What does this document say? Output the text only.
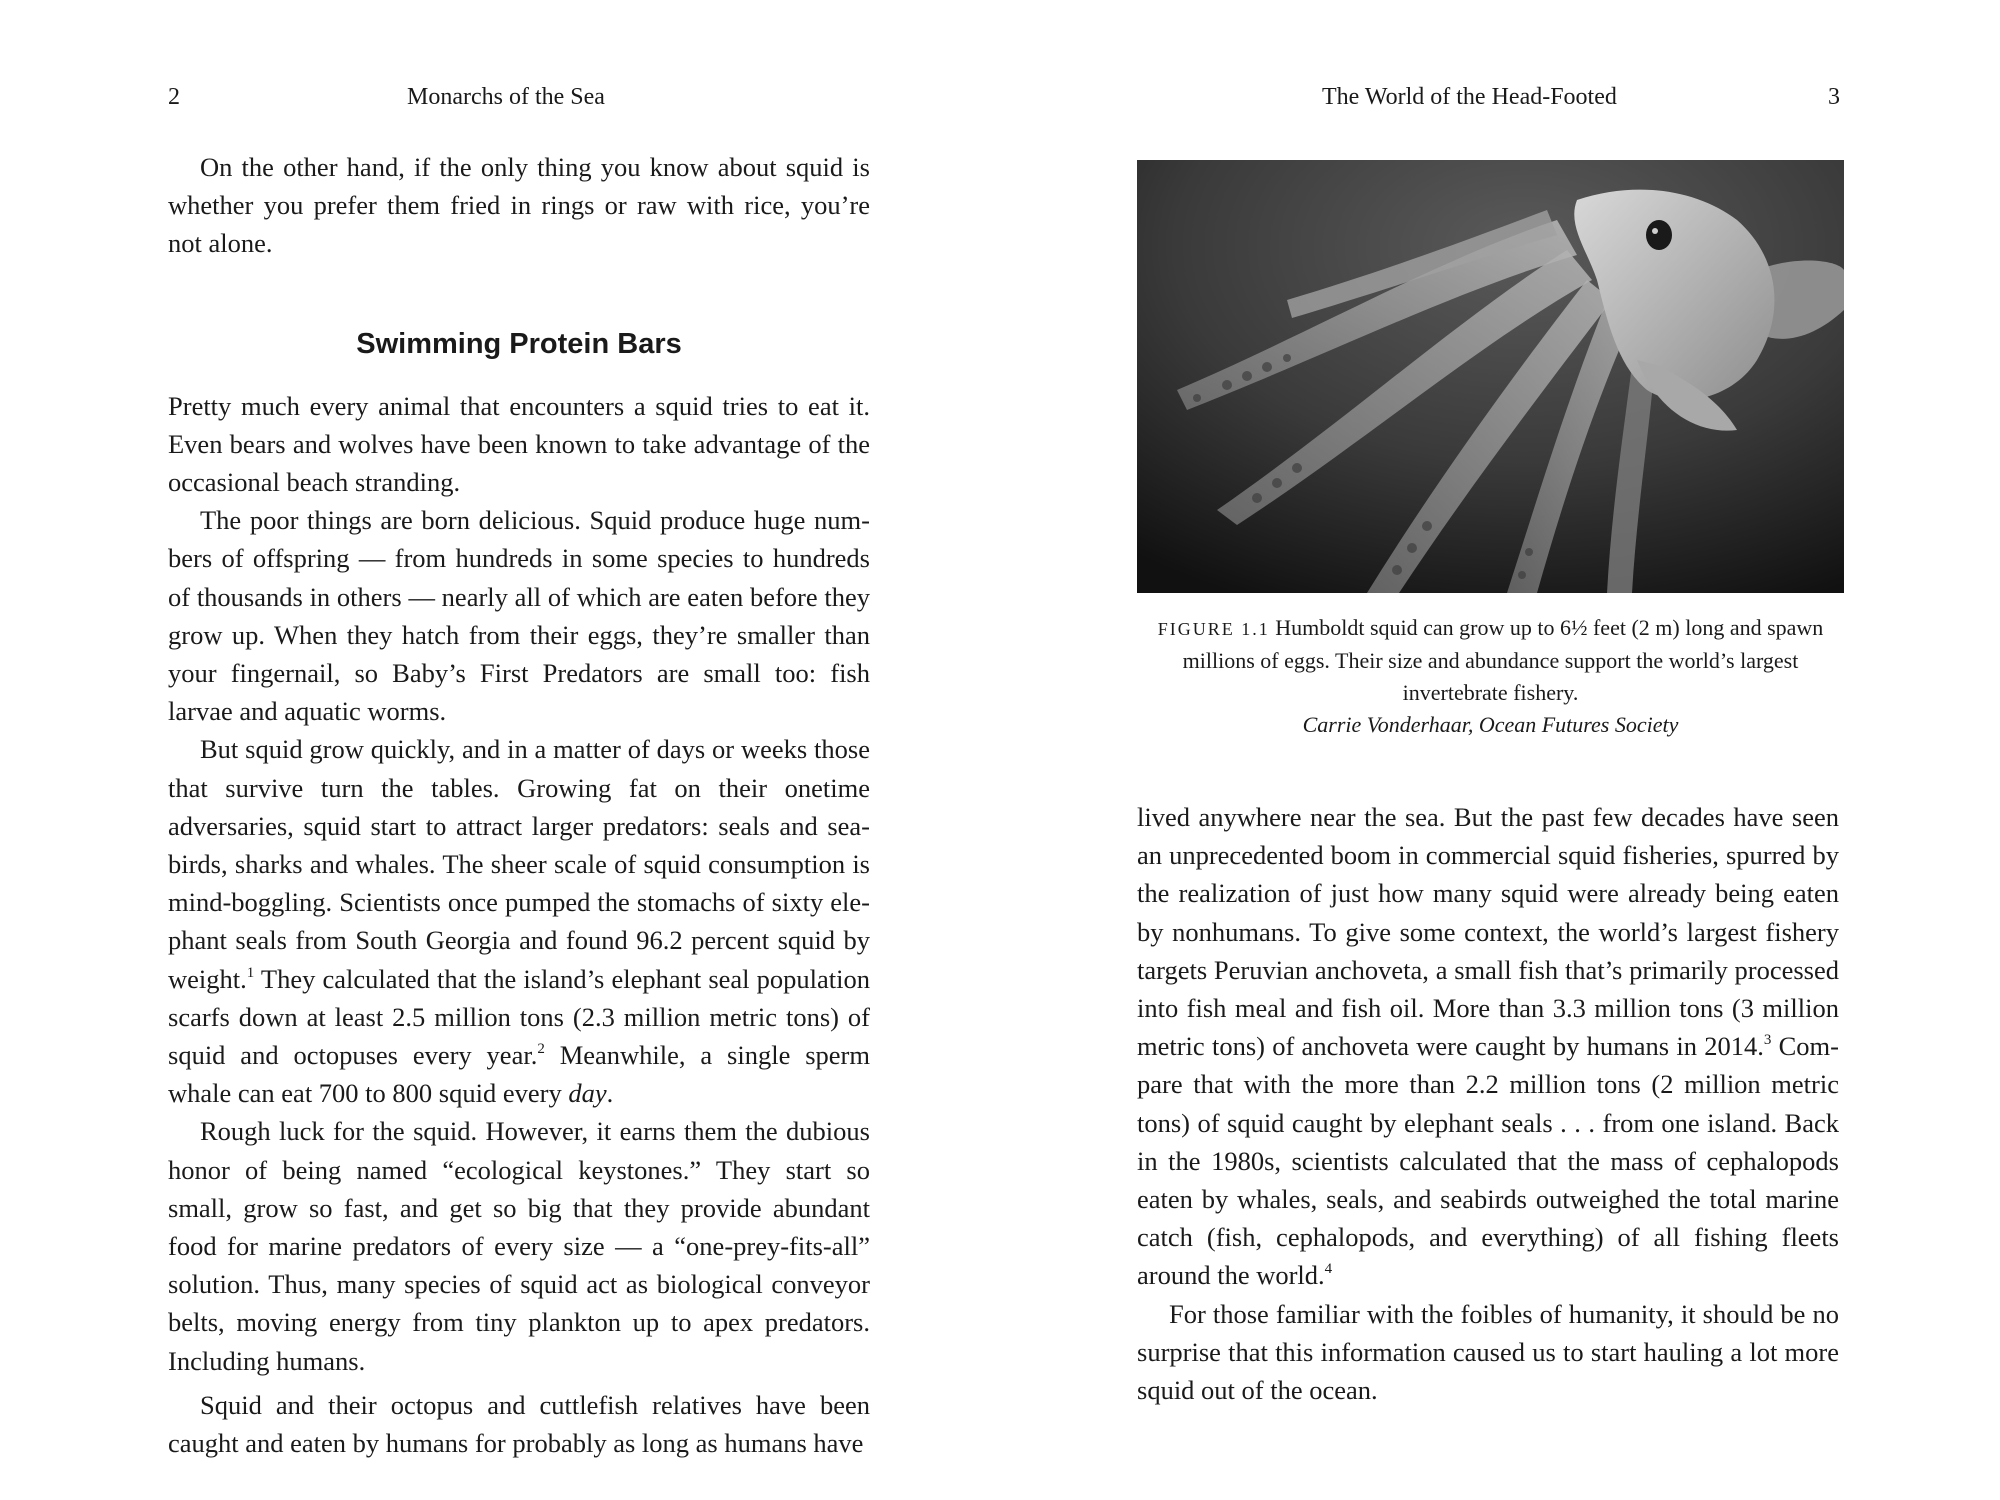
2	Monarchs of the Sea

On the other hand, if the only thing you know about squid is whether you prefer them fried in rings or raw with rice, you’re not alone.

Swimming Protein Bars

Pretty much every animal that encounters a squid tries to eat it. Even bears and wolves have been known to take advantage of the occasional beach stranding.

The poor things are born delicious. Squid produce huge numbers of offspring — from hundreds in some species to hundreds of thousands in others — nearly all of which are eaten before they grow up. When they hatch from their eggs, they’re smaller than your fingernail, so Baby’s First Predators are small too: fish larvae and aquatic worms.

But squid grow quickly, and in a matter of days or weeks those that survive turn the tables. Growing fat on their onetime adversaries, squid start to attract larger predators: seals and seabirds, sharks and whales. The sheer scale of squid consumption is mind-boggling. Scientists once pumped the stomachs of sixty elephant seals from South Georgia and found 96.2 percent squid by weight.$^1$ They calculated that the island’s elephant seal population scarfs down at least 2.5 million tons (2.3 million metric tons) of squid and octopuses every year.$^2$ Meanwhile, a single sperm whale can eat 700 to 800 squid every day.

Rough luck for the squid. However, it earns them the dubious honor of being named “ecological keystones.” They start so small, grow so fast, and get so big that they provide abundant food for marine predators of every size — a “one-prey-fits-all” solution. Thus, many species of squid act as biological conveyor belts, moving energy from tiny plankton up to apex predators. Including humans.

Squid and their octopus and cuttlefish relatives have been caught and eaten by humans for probably as long as humans have

The World of the Head-Footed	3
FIGURE 1.1 Humboldt squid can grow up to 6½ feet (2 m) long and spawn millions of eggs. Their size and abundance support the world’s largest invertebrate fishery.
Carrie Vonderhaar, Ocean Futures Society

lived anywhere near the sea. But the past few decades have seen an unprecedented boom in commercial squid fisheries, spurred by the realization of just how many squid were already being eaten by nonhumans. To give some context, the world’s largest fishery targets Peruvian anchoveta, a small fish that’s primarily processed into fish meal and fish oil. More than 3.3 million tons (3 million metric tons) of anchoveta were caught by humans in 2014.$^3$ Compare that with the more than 2.2 million tons (2 million metric tons) of squid caught by elephant seals . . . from one island. Back in the 1980s, scientists calculated that the mass of cephalopods eaten by whales, seals, and seabirds outweighed the total marine catch (fish, cephalopods, and everything) of all fishing fleets around the world.$^4$

For those familiar with the foibles of humanity, it should be no surprise that this information caused us to start hauling a lot more squid out of the ocean.
